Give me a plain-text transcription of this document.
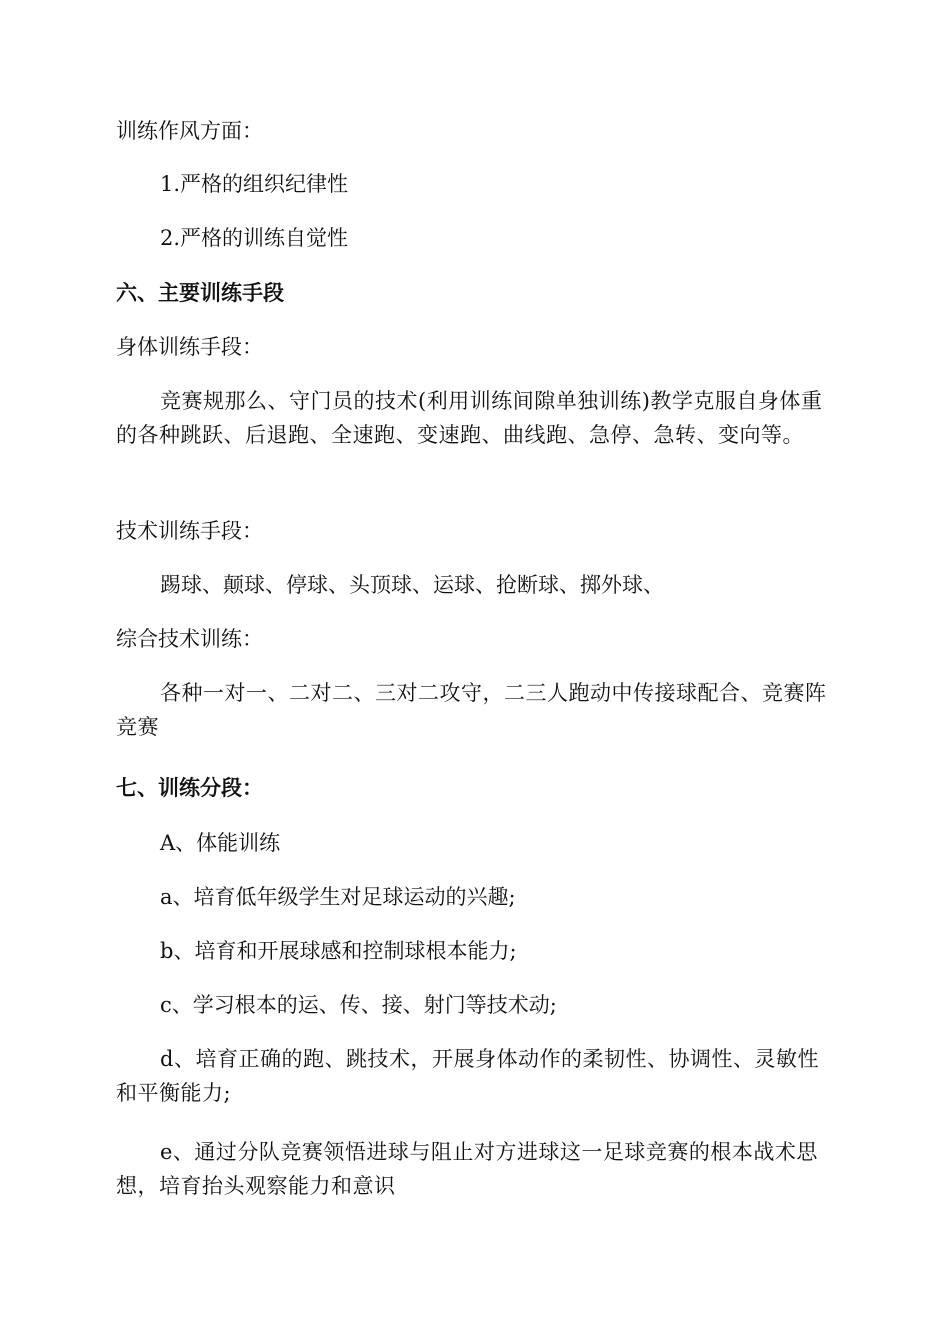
训练作风方面：
1.严格的组织纪律性
2.严格的训练自觉性
六、主要训练手段
身体训练手段：
竞赛规那么、守门员的技术(利用训练间隙单独训练)教学克服自身体重的各种跳跃、后退跑、全速跑、变速跑、曲线跑、急停、急转、变向等。
技术训练手段：
踢球、颠球、停球、头顶球、运球、抢断球、掷外球、
综合技术训练：
各种一对一、二对二、三对二攻守，二三人跑动中传接球配合、竞赛阵竞赛
七、训练分段：
A、体能训练
a、培育低年级学生对足球运动的兴趣;
b、培育和开展球感和控制球根本能力;
c、学习根本的运、传、接、射门等技术动;
d、培育正确的跑、跳技术，开展身体动作的柔韧性、协调性、灵敏性和平衡能力;
e、通过分队竞赛领悟进球与阻止对方进球这一足球竞赛的根本战术思想，培育抬头观察能力和意识
